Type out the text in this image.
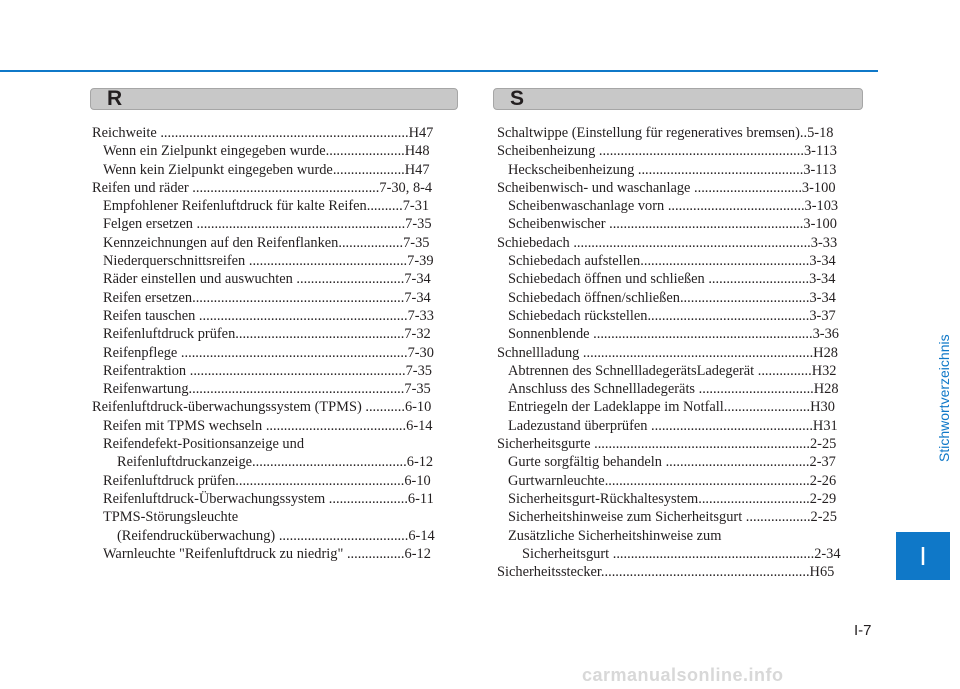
R	S
Reichweite .....................................................................H47
Wenn ein Zielpunkt eingegeben wurde......................H48
Wenn kein Zielpunkt eingegeben wurde....................H47
Reifen und räder ....................................................7-30, 8-4
Empfohlener Reifenluftdruck für kalte Reifen..........7-31
Felgen ersetzen ..........................................................7-35
Kennzeichnungen auf den Reifenflanken..................7-35
Niederquerschnittsreifen ............................................7-39
Räder einstellen und auswuchten ..............................7-34
Reifen ersetzen...........................................................7-34
Reifen tauschen ..........................................................7-33
Reifenluftdruck prüfen...............................................7-32
Reifenpflege ...............................................................7-30
Reifentraktion ............................................................7-35
Reifenwartung............................................................7-35
Reifenluftdruck-überwachungssystem (TPMS) ...........6-10
Reifen mit TPMS wechseln .......................................6-14
Reifendefekt-Positionsanzeige und
Reifenluftdruckanzeige...........................................6-12
Reifenluftdruck prüfen...............................................6-10
Reifenluftdruck-Überwachungssystem ......................6-11
TPMS-Störungsleuchte
(Reifendrucküberwachung) ....................................6-14
Warnleuchte "Reifenluftdruck zu niedrig" ................6-12
Schaltwippe (Einstellung für regeneratives bremsen)..5-18
Scheibenheizung .........................................................3-113
Heckscheibenheizung ..............................................3-113
Scheibenwisch- und waschanlage ..............................3-100
Scheibenwaschanlage vorn ......................................3-103
Scheibenwischer ......................................................3-100
Schiebedach ..................................................................3-33
Schiebedach aufstellen...............................................3-34
Schiebedach öffnen und schließen ............................3-34
Schiebedach öffnen/schließen....................................3-34
Schiebedach rückstellen.............................................3-37
Sonnenblende .............................................................3-36
Schnellladung ................................................................H28
Abtrennen des SchnellladegerätsLadegerät ...............H32
Anschluss des Schnellladegeräts ................................H28
Entriegeln der Ladeklappe im Notfall........................H30
Ladezustand überprüfen .............................................H31
Sicherheitsgurte ............................................................2-25
Gurte sorgfältig behandeln ........................................2-37
Gurtwarnleuchte.........................................................2-26
Sicherheitsgurt-Rückhaltesystem...............................2-29
Sicherheitshinweise zum Sicherheitsgurt ..................2-25
Zusätzliche Sicherheitshinweise zum
Sicherheitsgurt ........................................................2-34
Sicherheitsstecker..........................................................H65
Stichwortverzeichnis
I
I-7
carmanualsonline.info
